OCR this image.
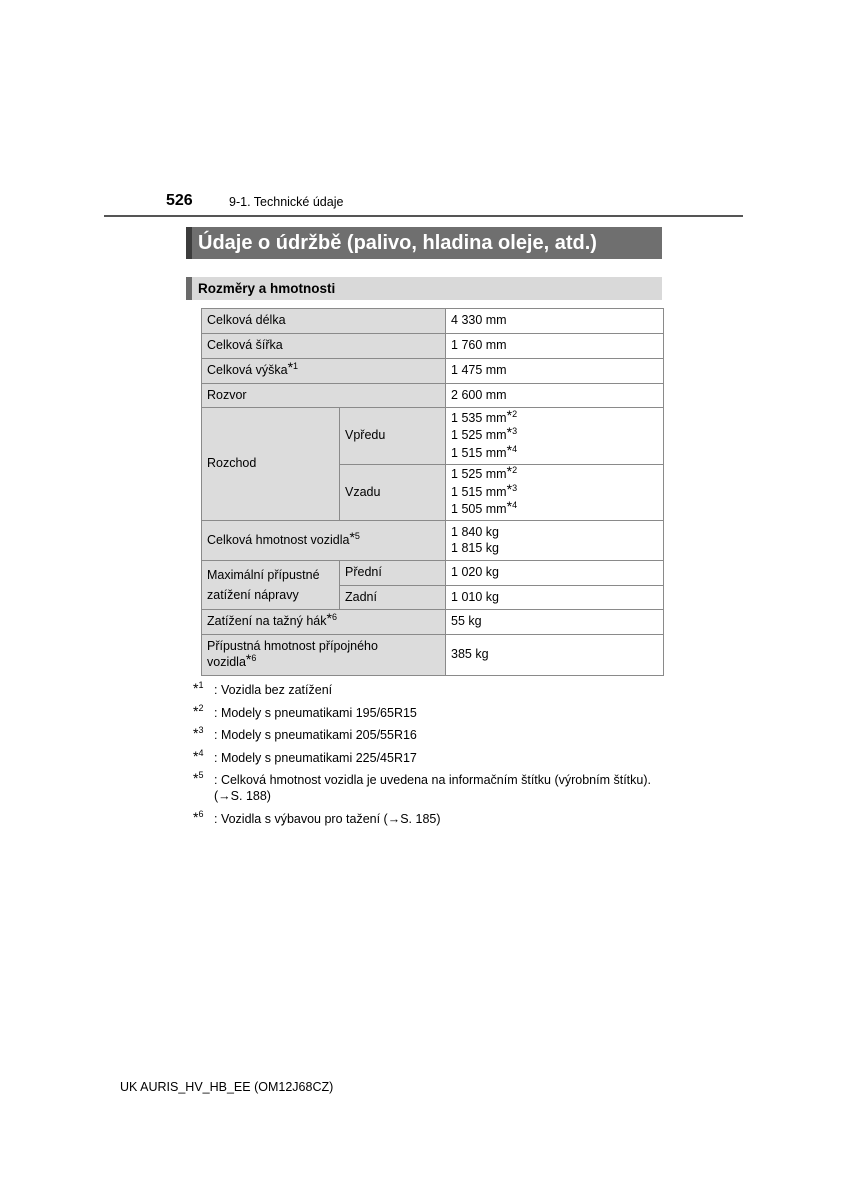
526	9-1. Technické údaje
Údaje o údržbě (palivo, hladina oleje, atd.)
Rozměry a hmotnosti
Celková délka		4 330 mm
Celková šířka		1 760 mm
Celková výška*$^1$		1 475 mm
Rozvor		2 600 mm
Rozchod	Vpředu	1 535 mm*$^2$
1 525 mm*$^3$
1 515 mm*$^4$

	Vzadu	1 525 mm*$^2$
1 515 mm*$^3$
1 505 mm*$^4$

Celková hmotnost vozidla*$^5$		1 840 kg
1 815 kg

Maximální přípustné
zatížení nápravy	Přední	1 020 kg
	Zadní	1 010 kg
Zatížení na tažný hák*$^6$		55 kg

Přípustná hmotnost přípojného
vozidla*$^6$		385 kg
*$^1$ : Vozidla bez zatížení
*$^2$ : Modely s pneumatikami 195/65R15
*$^3$ : Modely s pneumatikami 205/55R16
*$^4$ : Modely s pneumatikami 225/45R17
*$^5$ : Celková hmotnost vozidla je uvedena na informačním štítku (výrobním štítku).
(→S. 188)
*$^6$ : Vozidla s výbavou pro tažení (→S. 185)
UK AURIS_HV_HB_EE (OM12J68CZ)
